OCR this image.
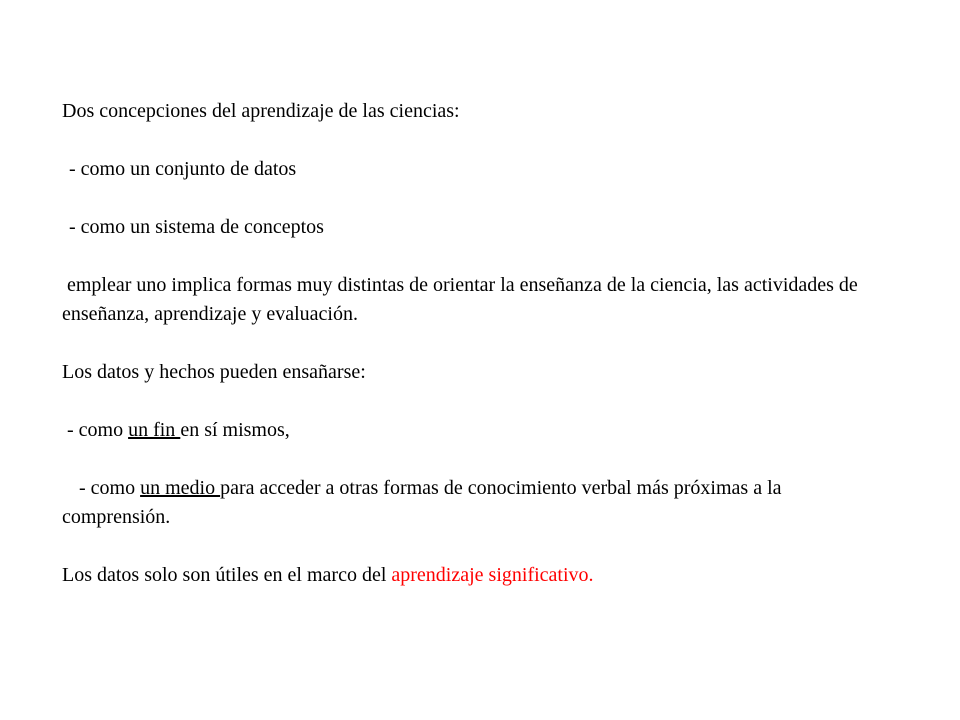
Dos concepciones del aprendizaje de las ciencias:

- como un conjunto de datos

- como un sistema de conceptos

emplear uno implica formas muy distintas de orientar la enseñanza de la ciencia, las actividades de enseñanza, aprendizaje y evaluación.

Los datos y hechos pueden ensañarse:

- como un fin en sí mismos,

- como un medio para acceder a otras formas de conocimiento verbal más próximas a la comprensión.

Los datos solo son útiles en el marco del aprendizaje significativo.
